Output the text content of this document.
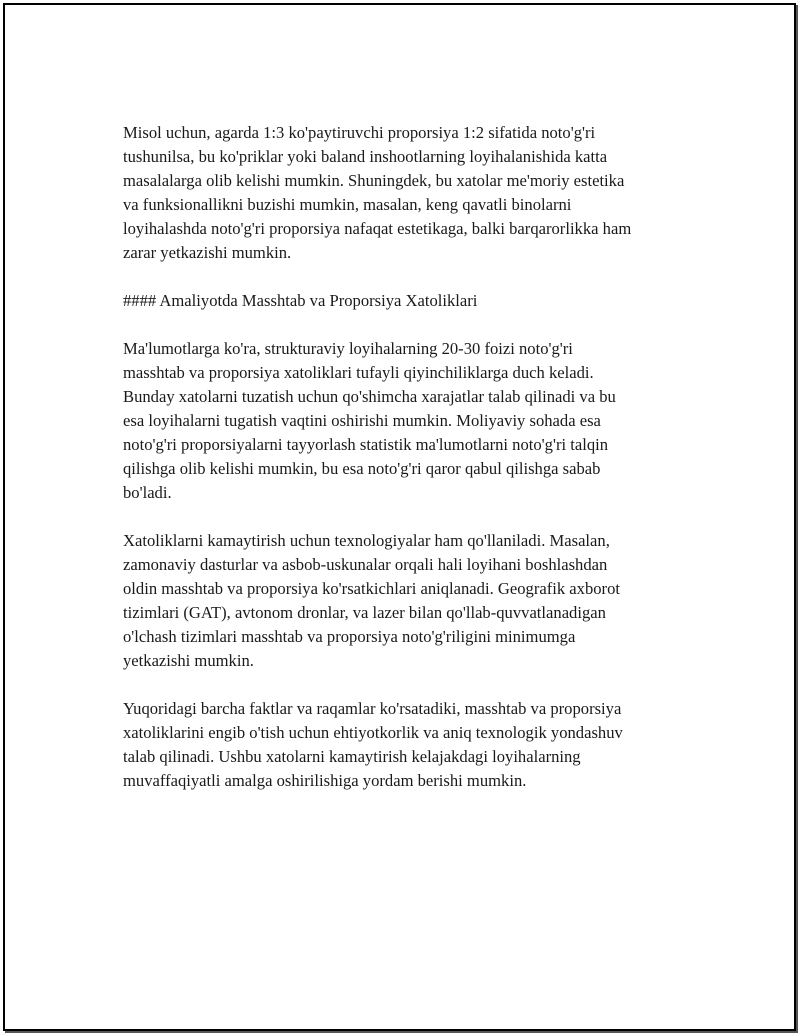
Misol uchun, agarda 1:3 ko'paytiruvchi proporsiya 1:2 sifatida noto'g'ri
tushunilsa, bu ko'priklar yoki baland inshootlarning loyihalanishida katta
masalalarga olib kelishi mumkin. Shuningdek, bu xatolar me'moriy estetika
va funksionallikni buzishi mumkin, masalan, keng qavatli binolarni
loyihalashda noto'g'ri proporsiya nafaqat estetikaga, balki barqarorlikka ham
zarar yetkazishi mumkin.

#### Amaliyotda Masshtab va Proporsiya Xatoliklari

Ma'lumotlarga ko'ra, strukturaviy loyihalarning 20-30 foizi noto'g'ri
masshtab va proporsiya xatoliklari tufayli qiyinchiliklarga duch keladi.
Bunday xatolarni tuzatish uchun qo'shimcha xarajatlar talab qilinadi va bu
esa loyihalarni tugatish vaqtini oshirishi mumkin. Moliyaviy sohada esa
noto'g'ri proporsiyalarni tayyorlash statistik ma'lumotlarni noto'g'ri talqin
qilishga olib kelishi mumkin, bu esa noto'g'ri qaror qabul qilishga sabab
bo'ladi.

Xatoliklarni kamaytirish uchun texnologiyalar ham qo'llaniladi. Masalan,
zamonaviy dasturlar va asbob-uskunalar orqali hali loyihani boshlashdan
oldin masshtab va proporsiya ko'rsatkichlari aniqlanadi. Geografik axborot
tizimlari (GAT), avtonom dronlar, va lazer bilan qo'llab-quvvatlanadigan
o'lchash tizimlari masshtab va proporsiya noto'g'riligini minimumga
yetkazishi mumkin.

Yuqoridagi barcha faktlar va raqamlar ko'rsatadiki, masshtab va proporsiya
xatoliklarini engib o'tish uchun ehtiyotkorlik va aniq texnologik yondashuv
talab qilinadi. Ushbu xatolarni kamaytirish kelajakdagi loyihalarning
muvaffaqiyatli amalga oshirilishiga yordam berishi mumkin.
